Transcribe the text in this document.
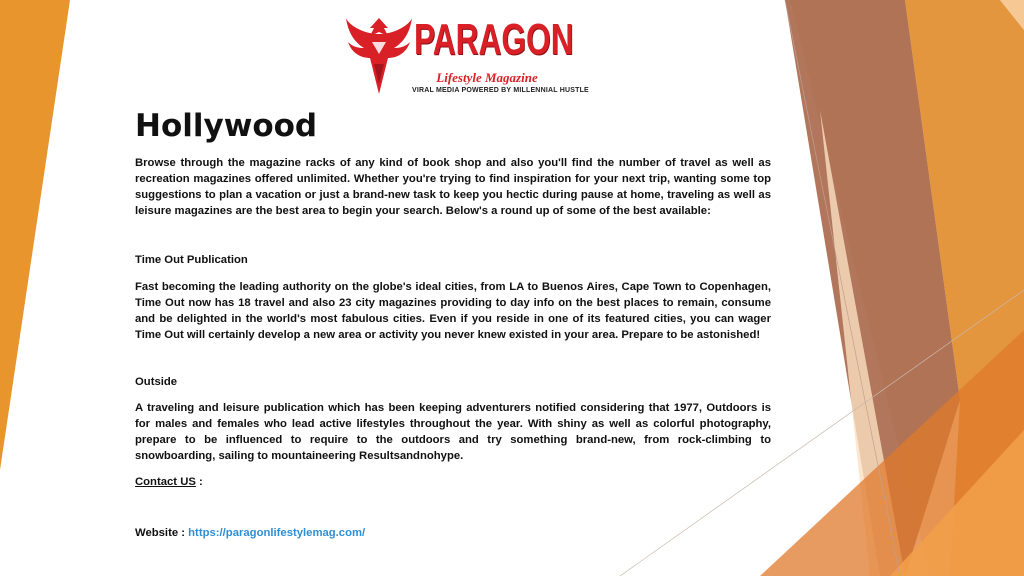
PARAGON
Lifestyle Magazine
VIRAL MEDIA POWERED BY MILLENNIAL HUSTLE
Hollywood

Browse through the magazine racks of any kind of book shop and also you'll find the number of travel as well as recreation magazines offered unlimited. Whether you're trying to find inspiration for your next trip, wanting some top suggestions to plan a vacation or just a brand-new task to keep you hectic during pause at home, traveling as well as leisure magazines are the best area to begin your search. Below's a round up of some of the best available:

Time Out Publication

Fast becoming the leading authority on the globe's ideal cities, from LA to Buenos Aires, Cape Town to Copenhagen, Time Out now has 18 travel and also 23 city magazines providing to day info on the best places to remain, consume and be delighted in the world's most fabulous cities. Even if you reside in one of its featured cities, you can wager Time Out will certainly develop a new area or activity you never knew existed in your area. Prepare to be astonished!

Outside

A traveling and leisure publication which has been keeping adventurers notified considering that 1977, Outdoors is for males and females who lead active lifestyles throughout the year. With shiny as well as colorful photography, prepare to be influenced to require to the outdoors and try something brand-new, from rock-climbing to snowboarding, sailing to mountaineering Resultsandnohype.

Contact US :

Website : https://paragonlifestylemag.com/
